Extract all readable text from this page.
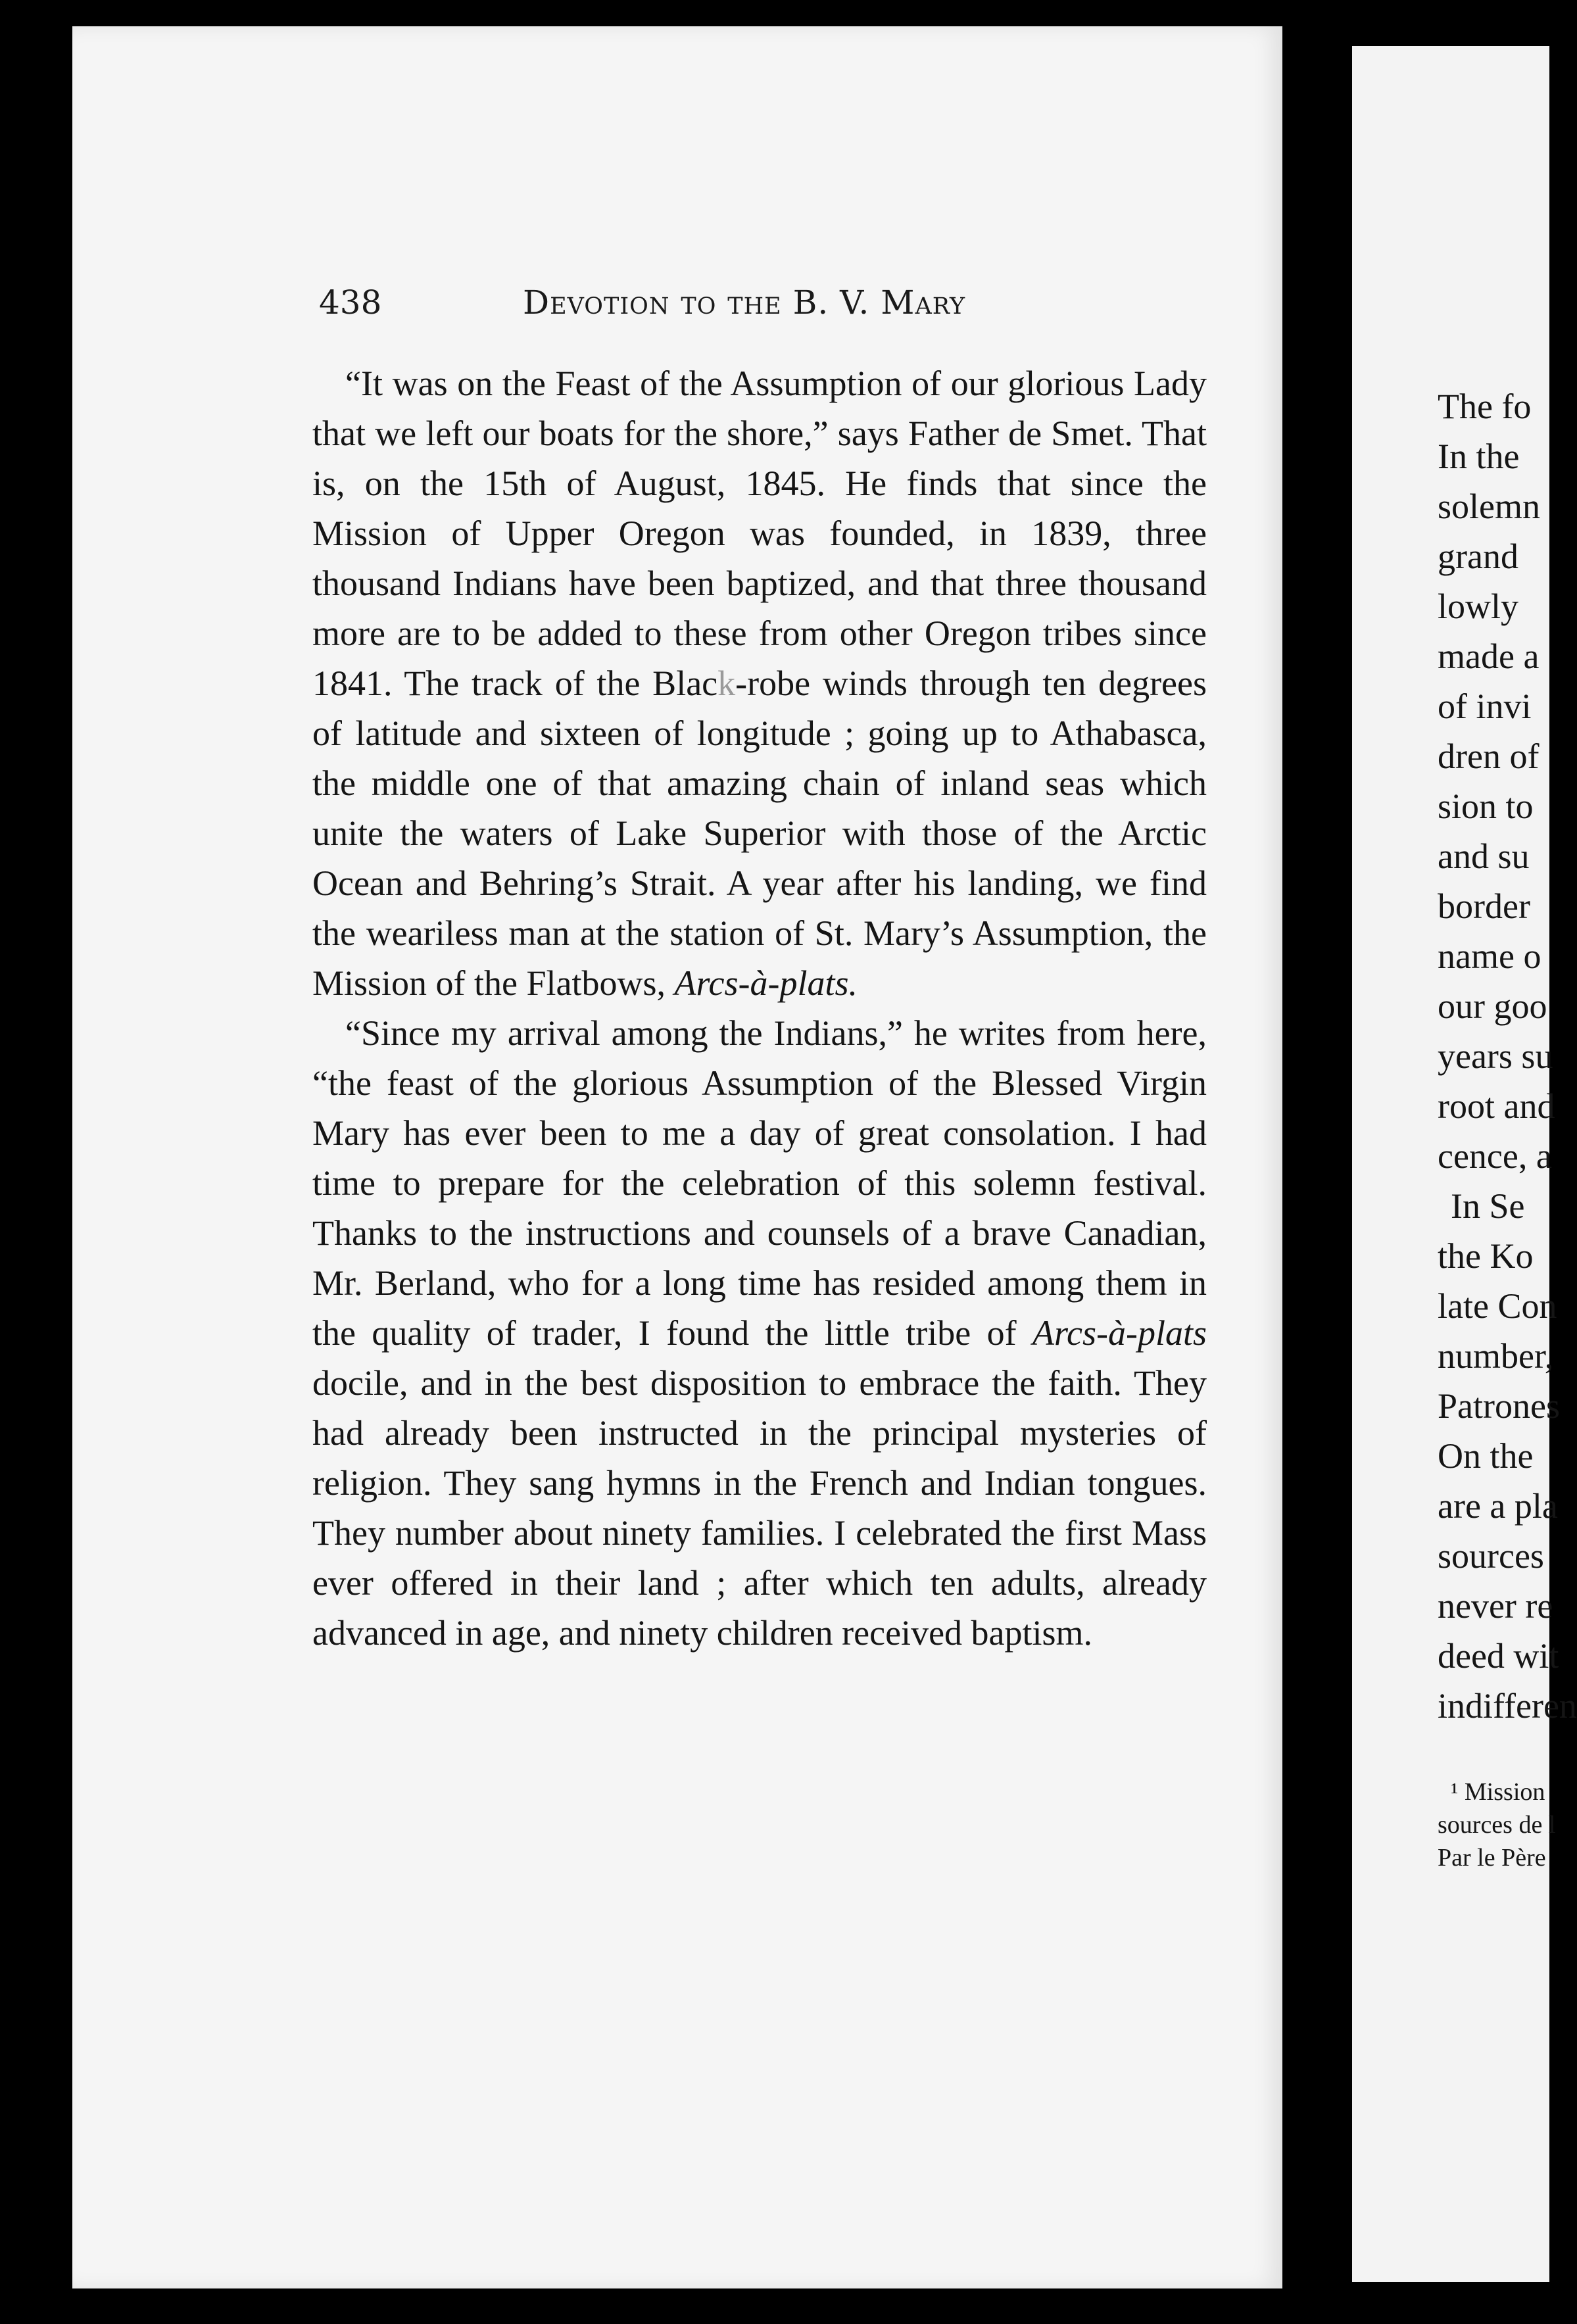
438	Devotion to the B. V. Mary

“It was on the Feast of the Assumption of our glorious Lady that we left our boats for the shore,” says Father de Smet. That is, on the 15th of August, 1845. He finds that since the Mission of Upper Oregon was founded, in 1839, three thousand Indians have been baptized, and that three thousand more are to be added to these from other Oregon tribes since 1841. The track of the Black-robe winds through ten degrees of latitude and sixteen of longitude ; going up to Athabasca, the middle one of that amazing chain of inland seas which unite the waters of Lake Superior with those of the Arctic Ocean and Behring’s Strait. A year after his landing, we find the weariless man at the station of St. Mary’s Assumption, the Mission of the Flatbows, Arcs-à-plats.

“Since my arrival among the Indians,” he writes from here, “the feast of the glorious Assumption of the Blessed Virgin Mary has ever been to me a day of great consolation. I had time to prepare for the celebration of this solemn festival. Thanks to the instructions and counsels of a brave Canadian, Mr. Berland, who for a long time has resided among them in the quality of trader, I found the little tribe of Arcs-à-plats docile, and in the best disposition to embrace the faith. They had already been instructed in the principal mysteries of religion. They sang hymns in the French and Indian tongues. They number about ninety families. I celebrated the first Mass ever offered in their land ; after which ten adults, already advanced in age, and ninety children received baptism.

The fo
In the
solemn
grand
lowly
made a
of invi
dren of
sion to
and su
border
name o
our goo
years su
root and
cence, a
In Se
the Ko
late Con
number,
Patrones
On the
are a pla
sources
never re
deed wit
indifferen
¹ Mission
sources de l
Par le Père
